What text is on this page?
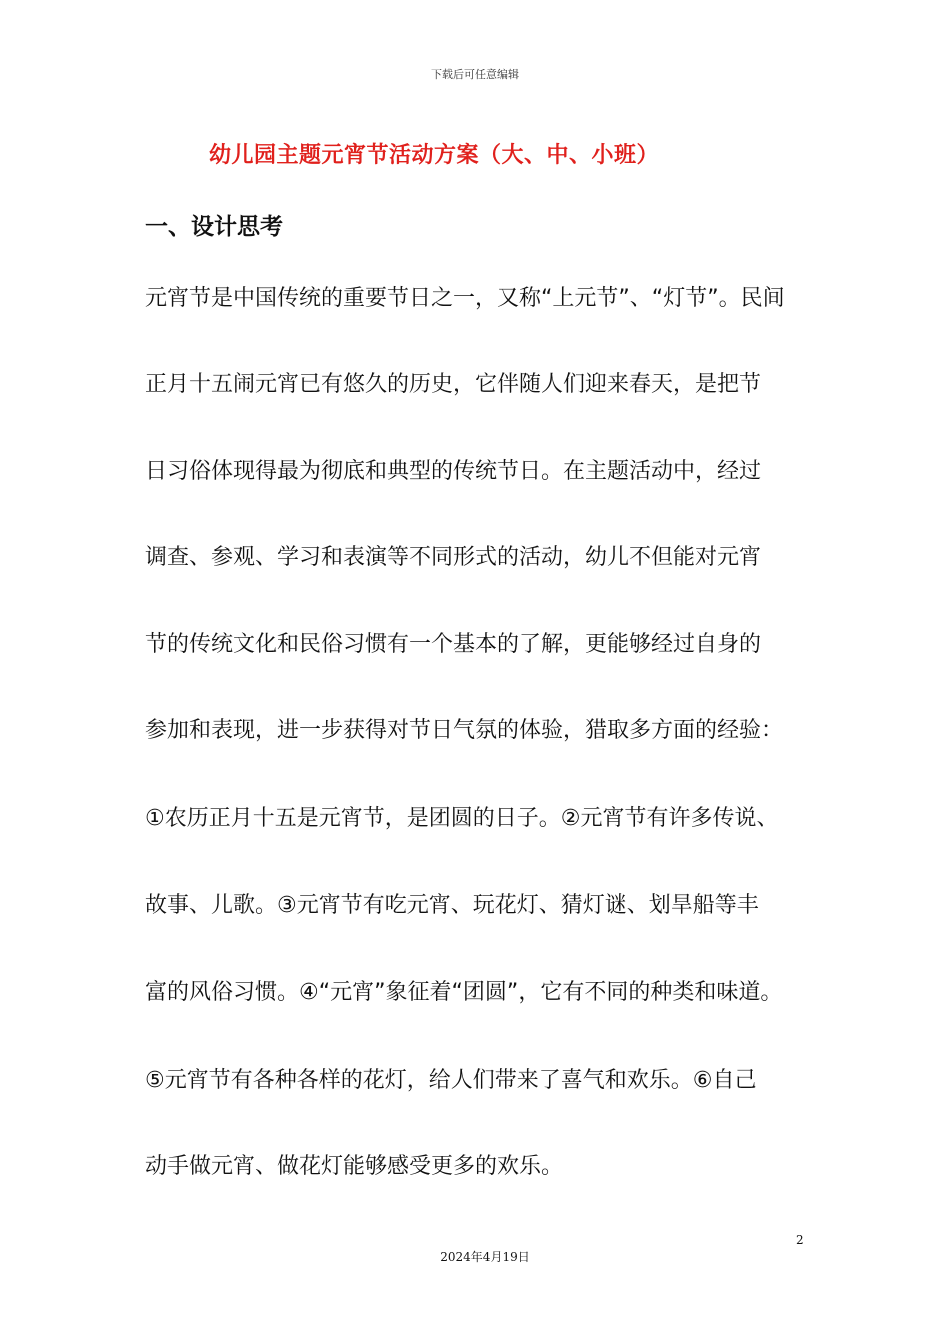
下载后可任意编辑
幼儿园主题元宵节活动方案（大、中、小班）
一、设计思考
元宵节是中国传统的重要节日之一，又称“上元节”、“灯节”。民间
正月十五闹元宵已有悠久的历史，它伴随人们迎来春天，是把节
日习俗体现得最为彻底和典型的传统节日。在主题活动中，经过
调查、参观、学习和表演等不同形式的活动，幼儿不但能对元宵
节的传统文化和民俗习惯有一个基本的了解，更能够经过自身的
参加和表现，进一步获得对节日气氛的体验，猎取多方面的经验：
①农历正月十五是元宵节，是团圆的日子。②元宵节有许多传说、
故事、儿歌。③元宵节有吃元宵、玩花灯、猜灯谜、划旱船等丰
富的风俗习惯。④“元宵”象征着“团圆”，它有不同的种类和味道。
⑤元宵节有各种各样的花灯，给人们带来了喜气和欢乐。⑥自己
动手做元宵、做花灯能够感受更多的欢乐。
2
2024年4月19日
